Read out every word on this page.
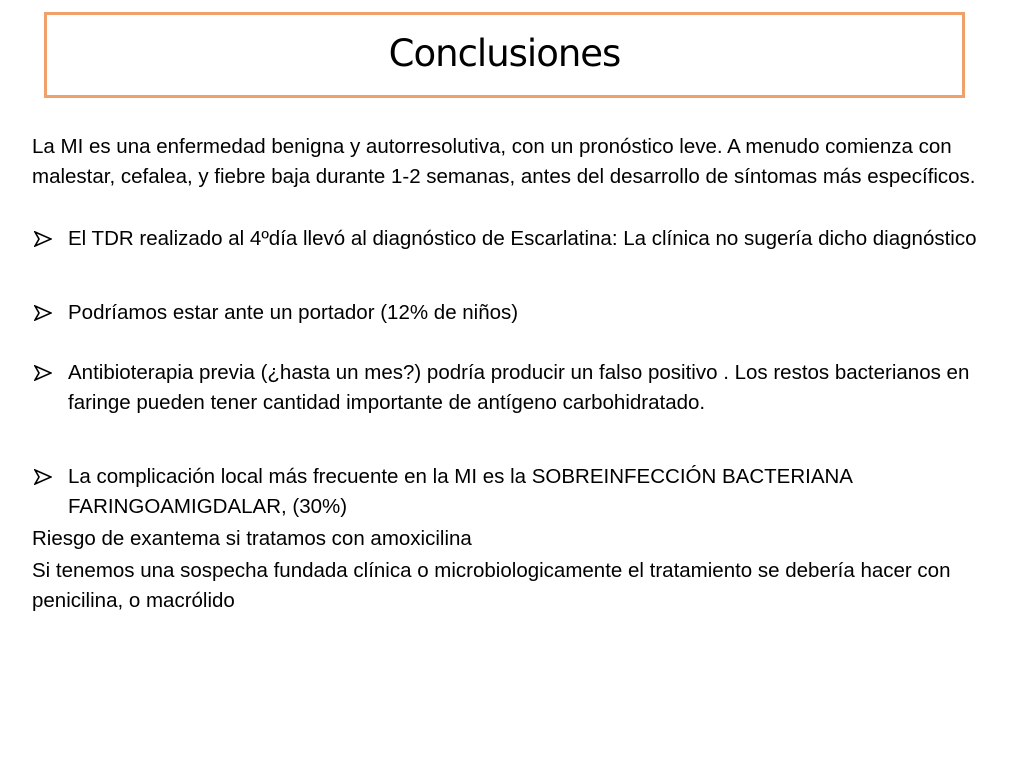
Conclusiones

La MI es una enfermedad benigna y autorresolutiva, con un pronóstico leve. A menudo comienza con malestar, cefalea, y fiebre baja durante 1-2 semanas, antes del desarrollo de síntomas más específicos.

El TDR realizado al 4ºdía llevó al diagnóstico de Escarlatina: La clínica no sugería dicho diagnóstico
Podríamos estar ante un portador (12% de niños)
Antibioterapia previa (¿hasta un mes?) podría producir un falso positivo . Los restos bacterianos en faringe pueden tener cantidad importante de antígeno carbohidratado.
La complicación local más frecuente en la MI es la SOBREINFECCIÓN BACTERIANA FARINGOAMIGDALAR, (30%)

Riesgo de exantema si tratamos con amoxicilina

Si tenemos una sospecha fundada clínica o microbiologicamente el tratamiento se debería hacer con penicilina, o macrólido
